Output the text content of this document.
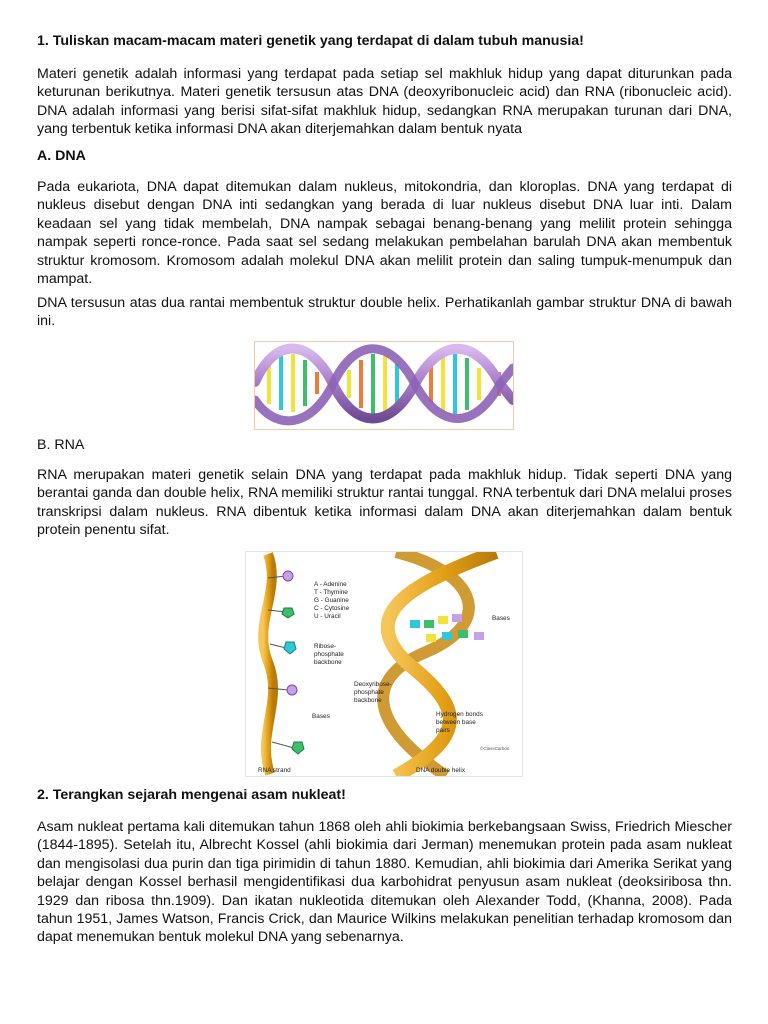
1. Tuliskan macam-macam materi genetik yang terdapat di dalam tubuh manusia!

Materi genetik adalah informasi yang terdapat pada setiap sel makhluk hidup yang dapat diturunkan pada keturunan berikutnya. Materi genetik tersusun atas DNA (deoxyribonucleic acid) dan RNA (ribonucleic acid). DNA adalah informasi yang berisi sifat-sifat makhluk hidup, sedangkan RNA merupakan turunan dari DNA, yang terbentuk ketika informasi DNA akan diterjemahkan dalam bentuk nyata

A. DNA

Pada eukariota, DNA dapat ditemukan dalam nukleus, mitokondria, dan kloroplas. DNA yang terdapat di nukleus disebut dengan DNA inti sedangkan yang berada di luar nukleus disebut DNA luar inti. Dalam keadaan sel yang tidak membelah, DNA nampak sebagai benang-benang yang melilit protein sehingga nampak seperti ronce-ronce. Pada saat sel sedang melakukan pembelahan barulah DNA akan membentuk struktur kromosom. Kromosom adalah molekul DNA akan melilit protein dan saling tumpuk-menumpuk dan mampat.

DNA tersusun atas dua rantai membentuk struktur double helix. Perhatikanlah gambar struktur DNA di bawah ini.

B. RNA

RNA merupakan materi genetik selain DNA yang terdapat pada makhluk hidup. Tidak seperti DNA yang berantai ganda dan double helix, RNA memiliki struktur rantai tunggal. RNA terbentuk dari DNA melalui proses transkripsi dalam nukleus. RNA dibentuk ketika informasi dalam DNA akan diterjemahkan dalam bentuk protein penentu sifat.

2. Terangkan sejarah mengenai asam nukleat!

Asam nukleat pertama kali ditemukan tahun 1868 oleh ahli biokimia berkebangsaan Swiss, Friedrich Miescher (1844-1895). Setelah itu, Albrecht Kossel (ahli biokimia dari Jerman) menemukan protein pada asam nukleat dan mengisolasi dua purin dan tiga pirimidin di tahun 1880. Kemudian, ahli biokimia dari Amerika Serikat yang belajar dengan Kossel berhasil mengidentifikasi dua karbohidrat penyusun asam nukleat (deoksiribosa thn. 1929 dan ribosa thn.1909). Dan ikatan nukleotida ditemukan oleh Alexander Todd, (Khanna, 2008). Pada tahun 1951, James Watson, Francis Crick, dan Maurice Wilkins melakukan penelitian terhadap kromosom dan dapat menemukan bentuk molekul DNA yang sebenarnya.

A - Adenine
T - Thymine
G - Guanine
C - Cytosine
U - Uracil
Ribose-
phosphate
backbone
Bases
Bases
Deoxyribose-
phosphate
backbone
Hydrogen bonds
between base
pairs
©ClassCarbon
RNA strand	DNA double helix
